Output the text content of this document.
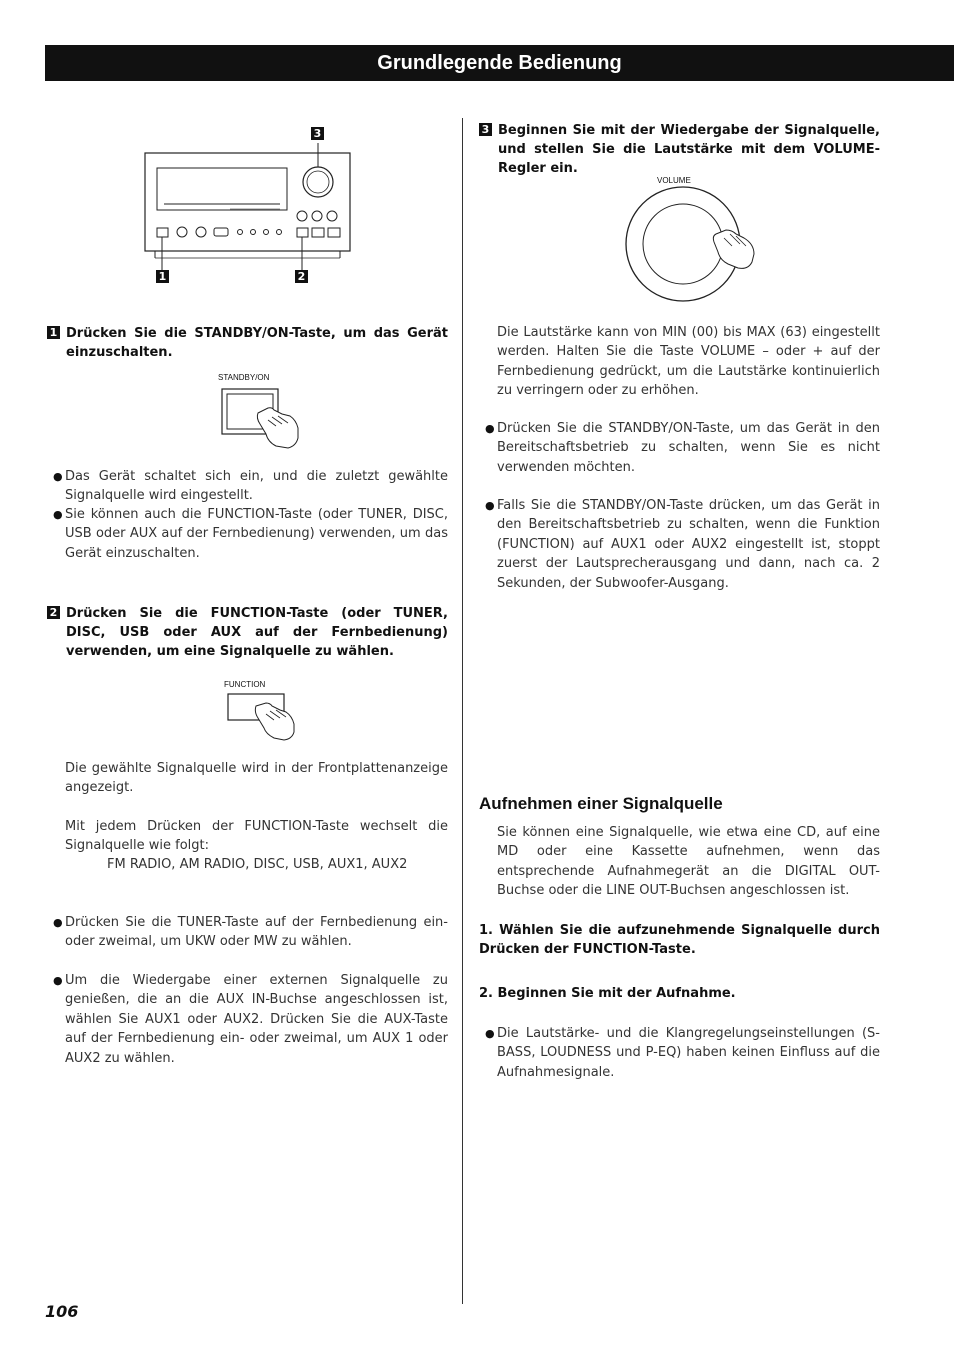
Grundlegende Bedienung
3
1	2
1 Drücken Sie die STANDBY/ON-Taste, um das Gerät einzuschalten.
STANDBY/ON
● Das Gerät schaltet sich ein, und die zuletzt gewählte Signalquelle wird eingestellt.
● Sie können auch die FUNCTION-Taste (oder TUNER, DISC, USB oder AUX auf der Fernbedienung) verwenden, um das Gerät einzuschalten.
2 Drücken Sie die FUNCTION-Taste (oder TUNER, DISC, USB oder AUX auf der Fernbedienung) verwenden, um eine Signalquelle zu wählen.
FUNCTION
Die gewählte Signalquelle wird in der Frontplattenanzeige angezeigt.
Mit jedem Drücken der FUNCTION-Taste wechselt die Signalquelle wie folgt:
FM RADIO, AM RADIO, DISC, USB, AUX1, AUX2
● Drücken Sie die TUNER-Taste auf der Fernbedienung ein- oder zweimal, um UKW oder MW zu wählen.
● Um die Wiedergabe einer externen Signalquelle zu genießen, die an die AUX IN-Buchse angeschlossen ist, wählen Sie AUX1 oder AUX2. Drücken Sie die AUX-Taste auf der Fernbedienung ein- oder zweimal, um AUX 1 oder AUX2 zu wählen.
3 Beginnen Sie mit der Wiedergabe der Signalquelle, und stellen Sie die Lautstärke mit dem VOLUME-Regler ein.
VOLUME
Die Lautstärke kann von MIN (00) bis MAX (63) eingestellt werden. Halten Sie die Taste VOLUME – oder + auf der Fernbedienung gedrückt, um die Lautstärke kontinuierlich zu verringern oder zu erhöhen.
● Drücken Sie die STANDBY/ON-Taste, um das Gerät in den Bereitschaftsbetrieb zu schalten, wenn Sie es nicht verwenden möchten.
● Falls Sie die STANDBY/ON-Taste drücken, um das Gerät in den Bereitschaftsbetrieb zu schalten, wenn die Funktion (FUNCTION) auf AUX1 oder AUX2 eingestellt ist, stoppt zuerst der Lautsprecherausgang und dann, nach ca. 2 Sekunden, der Subwoofer-Ausgang.
Aufnehmen einer Signalquelle
Sie können eine Signalquelle, wie etwa eine CD, auf eine MD oder eine Kassette aufnehmen, wenn das entsprechende Aufnahmegerät an die DIGITAL OUT-Buchse oder die LINE OUT-Buchsen angeschlossen ist.
1. Wählen Sie die aufzunehmende Signalquelle durch Drücken der FUNCTION-Taste.
2. Beginnen Sie mit der Aufnahme.
● Die Lautstärke- und die Klangregelungseinstellungen (S-BASS, LOUDNESS und P-EQ) haben keinen Einfluss auf die Aufnahmesignale.
106
